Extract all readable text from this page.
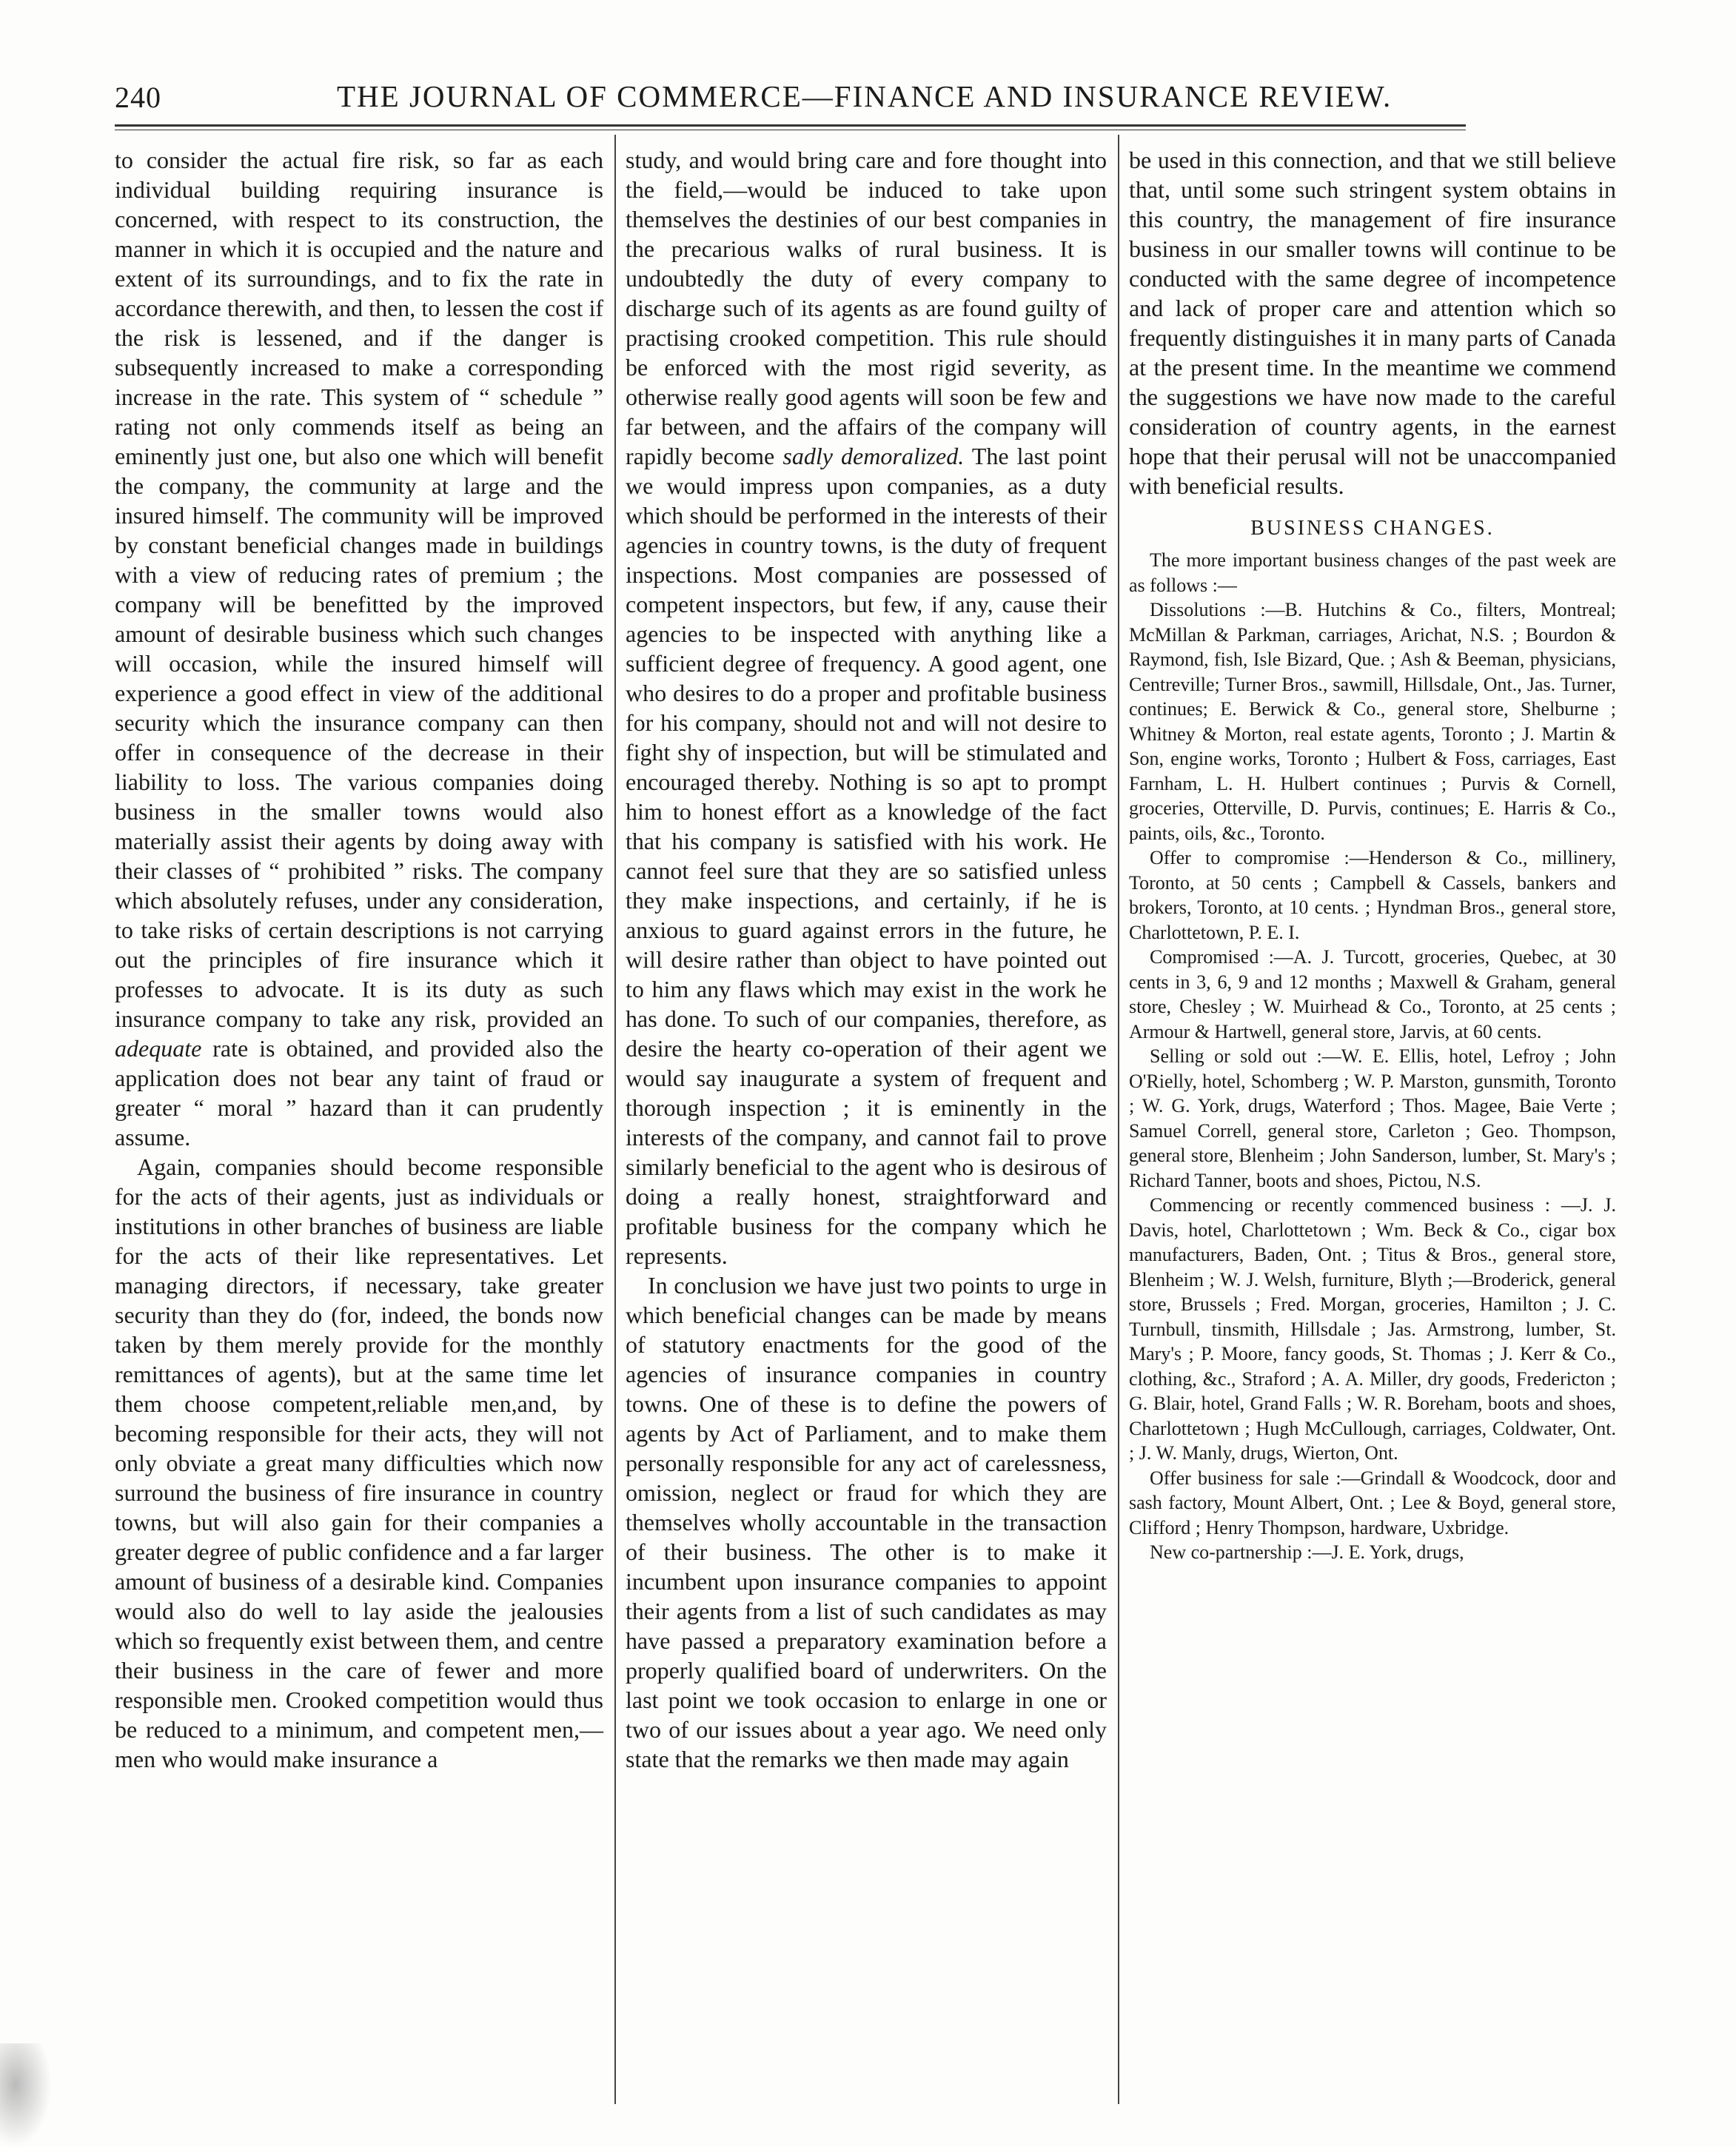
240	THE JOURNAL OF COMMERCE—FINANCE AND INSURANCE REVIEW.

to consider the actual fire risk, so far as each individual building requiring insurance is concerned, with respect to its construction, the manner in which it is occupied and the nature and extent of its surroundings, and to fix the rate in accordance therewith, and then, to lessen the cost if the risk is lessened, and if the danger is subsequently increased to make a corresponding increase in the rate. This system of “ schedule ” rating not only commends itself as being an eminently just one, but also one which will benefit the company, the community at large and the insured himself. The community will be improved by constant beneficial changes made in buildings with a view of reducing rates of premium ; the company will be benefitted by the improved amount of desirable business which such changes will occasion, while the insured himself will experience a good effect in view of the additional security which the insurance company can then offer in consequence of the decrease in their liability to loss. The various companies doing business in the smaller towns would also materially assist their agents by doing away with their classes of “ prohibited ” risks. The company which absolutely refuses, under any consideration, to take risks of certain descriptions is not carrying out the principles of fire insurance which it professes to advocate. It is its duty as such insurance company to take any risk, provided an adequate rate is obtained, and provided also the application does not bear any taint of fraud or greater “ moral ” hazard than it can prudently assume.

Again, companies should become responsible for the acts of their agents, just as individuals or institutions in other branches of business are liable for the acts of their like representatives. Let managing directors, if necessary, take greater security than they do (for, indeed, the bonds now taken by them merely provide for the monthly remittances of agents), but at the same time let them choose competent,reliable men,and, by becoming responsible for their acts, they will not only obviate a great many difficulties which now surround the business of fire insurance in country towns, but will also gain for their companies a greater degree of public confidence and a far larger amount of business of a desirable kind. Companies would also do well to lay aside the jealousies which so frequently exist between them, and centre their business in the care of fewer and more responsible men. Crooked competition would thus be reduced to a minimum, and competent men,—men who would make insurance a

study, and would bring care and fore thought into the field,—would be induced to take upon themselves the destinies of our best companies in the precarious walks of rural business. It is undoubtedly the duty of every company to discharge such of its agents as are found guilty of practising crooked competition. This rule should be enforced with the most rigid severity, as otherwise really good agents will soon be few and far between, and the affairs of the company will rapidly become sadly demoralized. The last point we would impress upon companies, as a duty which should be performed in the interests of their agencies in country towns, is the duty of frequent inspections. Most companies are possessed of competent inspectors, but few, if any, cause their agencies to be inspected with anything like a sufficient degree of frequency. A good agent, one who desires to do a proper and profitable business for his company, should not and will not desire to fight shy of inspection, but will be stimulated and encouraged thereby. Nothing is so apt to prompt him to honest effort as a knowledge of the fact that his company is satisfied with his work. He cannot feel sure that they are so satisfied unless they make inspections, and certainly, if he is anxious to guard against errors in the future, he will desire rather than object to have pointed out to him any flaws which may exist in the work he has done. To such of our companies, therefore, as desire the hearty co-operation of their agent we would say inaugurate a system of frequent and thorough inspection ; it is eminently in the interests of the company, and cannot fail to prove similarly beneficial to the agent who is desirous of doing a really honest, straightforward and profitable business for the company which he represents.

In conclusion we have just two points to urge in which beneficial changes can be made by means of statutory enactments for the good of the agencies of insurance companies in country towns. One of these is to define the powers of agents by Act of Parliament, and to make them personally responsible for any act of carelessness, omission, neglect or fraud for which they are themselves wholly accountable in the transaction of their business. The other is to make it incumbent upon insurance companies to appoint their agents from a list of such candidates as may have passed a preparatory examination before a properly qualified board of underwriters. On the last point we took occasion to enlarge in one or two of our issues about a year ago. We need only state that the remarks we then made may again

be used in this connection, and that we still believe that, until some such stringent system obtains in this country, the management of fire insurance business in our smaller towns will continue to be conducted with the same degree of incompetence and lack of proper care and attention which so frequently distinguishes it in many parts of Canada at the present time. In the meantime we commend the suggestions we have now made to the careful consideration of country agents, in the earnest hope that their perusal will not be unaccompanied with beneficial results.

BUSINESS CHANGES.

The more important business changes of the past week are as follows :—

Dissolutions :—B. Hutchins & Co., filters, Montreal; McMillan & Parkman, carriages, Arichat, N.S. ; Bourdon & Raymond, fish, Isle Bizard, Que. ; Ash & Beeman, physicians, Centreville; Turner Bros., sawmill, Hillsdale, Ont., Jas. Turner, continues; E. Berwick & Co., general store, Shelburne ; Whitney & Morton, real estate agents, Toronto ; J. Martin & Son, engine works, Toronto ; Hulbert & Foss, carriages, East Farnham, L. H. Hulbert continues ; Purvis & Cornell, groceries, Otterville, D. Purvis, continues; E. Harris & Co., paints, oils, &c., Toronto.

Offer to compromise :—Henderson & Co., millinery, Toronto, at 50 cents ; Campbell & Cassels, bankers and brokers, Toronto, at 10 cents. ; Hyndman Bros., general store, Charlottetown, P. E. I.

Compromised :—A. J. Turcott, groceries, Quebec, at 30 cents in 3, 6, 9 and 12 months ; Maxwell & Graham, general store, Chesley ; W. Muirhead & Co., Toronto, at 25 cents ; Armour & Hartwell, general store, Jarvis, at 60 cents.

Selling or sold out :—W. E. Ellis, hotel, Lefroy ; John O'Rielly, hotel, Schomberg ; W. P. Marston, gunsmith, Toronto ; W. G. York, drugs, Waterford ; Thos. Magee, Baie Verte ; Samuel Correll, general store, Carleton ; Geo. Thompson, general store, Blenheim ; John Sanderson, lumber, St. Mary's ; Richard Tanner, boots and shoes, Pictou, N.S.

Commencing or recently commenced business : —J. J. Davis, hotel, Charlottetown ; Wm. Beck & Co., cigar box manufacturers, Baden, Ont. ; Titus & Bros., general store, Blenheim ; W. J. Welsh, furniture, Blyth ;—Broderick, general store, Brussels ; Fred. Morgan, groceries, Hamilton ; J. C. Turnbull, tinsmith, Hillsdale ; Jas. Armstrong, lumber, St. Mary's ; P. Moore, fancy goods, St. Thomas ; J. Kerr & Co., clothing, &c., Straford ; A. A. Miller, dry goods, Fredericton ; G. Blair, hotel, Grand Falls ; W. R. Boreham, boots and shoes, Charlottetown ; Hugh McCullough, carriages, Coldwater, Ont. ; J. W. Manly, drugs, Wierton, Ont.

Offer business for sale :—Grindall & Woodcock, door and sash factory, Mount Albert, Ont. ; Lee & Boyd, general store, Clifford ; Henry Thompson, hardware, Uxbridge.

New co-partnership :—J. E. York, drugs,
